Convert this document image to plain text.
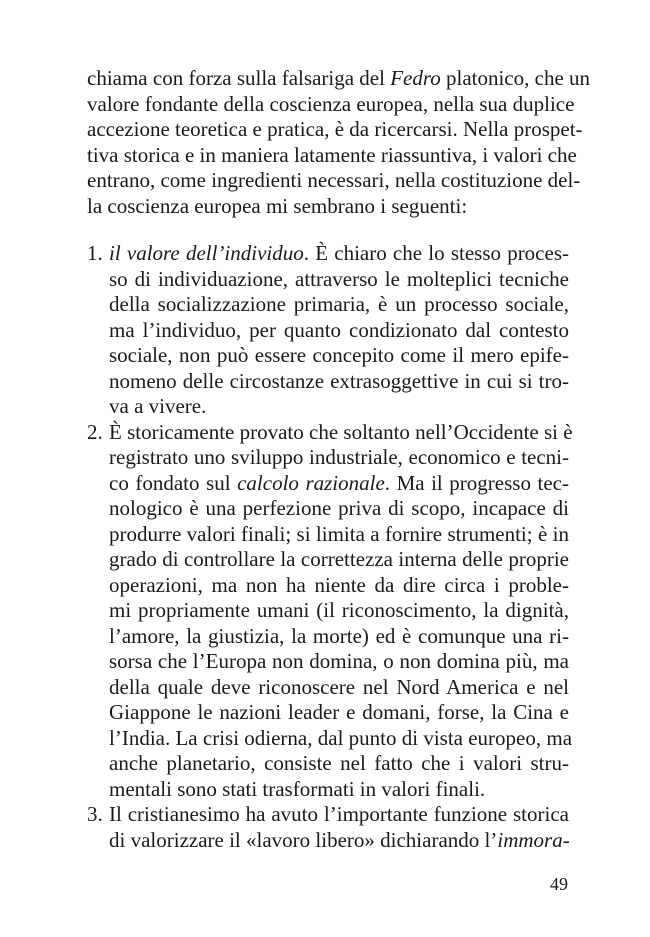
chiama con forza sulla falsariga del Fedro platonico, che un
valore fondante della coscienza europea, nella sua duplice
accezione teoretica e pratica, è da ricercarsi. Nella prospet-
tiva storica e in maniera latamente riassuntiva, i valori che
entrano, come ingredienti necessari, nella costituzione del-
la coscienza europea mi sembrano i seguenti:
1. il valore dell’individuo. È chiaro che lo stesso proces-
so di individuazione, attraverso le molteplici tecniche
della socializzazione primaria, è un processo sociale,
ma l’individuo, per quanto condizionato dal contesto
sociale, non può essere concepito come il mero epife-
nomeno delle circostanze extrasoggettive in cui si tro-
va a vivere.
2. È storicamente provato che soltanto nell’Occidente si è
registrato uno sviluppo industriale, economico e tecni-
co fondato sul calcolo razionale. Ma il progresso tec-
nologico è una perfezione priva di scopo, incapace di
produrre valori finali; si limita a fornire strumenti; è in
grado di controllare la correttezza interna delle proprie
operazioni, ma non ha niente da dire circa i proble-
mi propriamente umani (il riconoscimento, la dignità,
l’amore, la giustizia, la morte) ed è comunque una ri-
sorsa che l’Europa non domina, o non domina più, ma
della quale deve riconoscere nel Nord America e nel
Giappone le nazioni leader e domani, forse, la Cina e
l’India. La crisi odierna, dal punto di vista europeo, ma
anche planetario, consiste nel fatto che i valori stru-
mentali sono stati trasformati in valori finali.
3. Il cristianesimo ha avuto l’importante funzione storica
di valorizzare il «lavoro libero» dichiarando l’immora-
49
